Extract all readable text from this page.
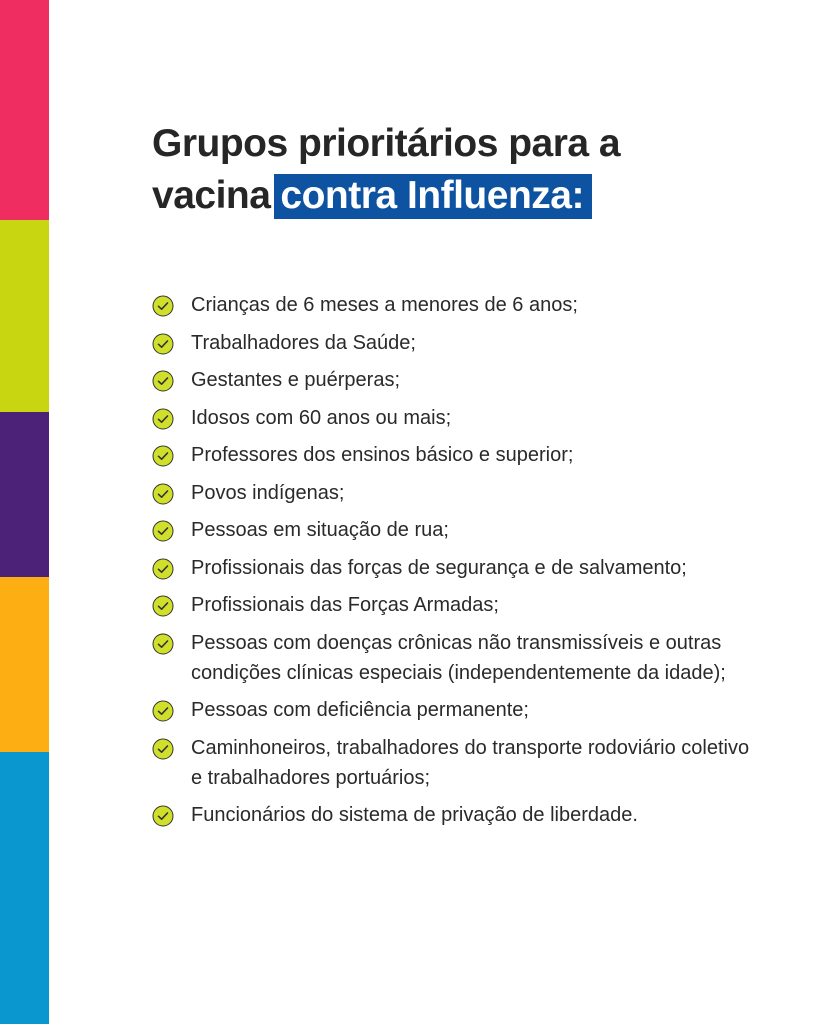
Grupos prioritários para a
vacina contra Influenza:
Crianças de 6 meses a menores de 6 anos;
Trabalhadores da Saúde;
Gestantes e puérperas;
Idosos com 60 anos ou mais;
Professores dos ensinos básico e superior;
Povos indígenas;
Pessoas em situação de rua;
Profissionais das forças de segurança e de salvamento;
Profissionais das Forças Armadas;
Pessoas com doenças crônicas não transmissíveis e outras condições clínicas especiais (independentemente da idade);
Pessoas com deficiência permanente;
Caminhoneiros, trabalhadores do transporte rodoviário coletivo e trabalhadores portuários;
Funcionários do sistema de privação de liberdade.
